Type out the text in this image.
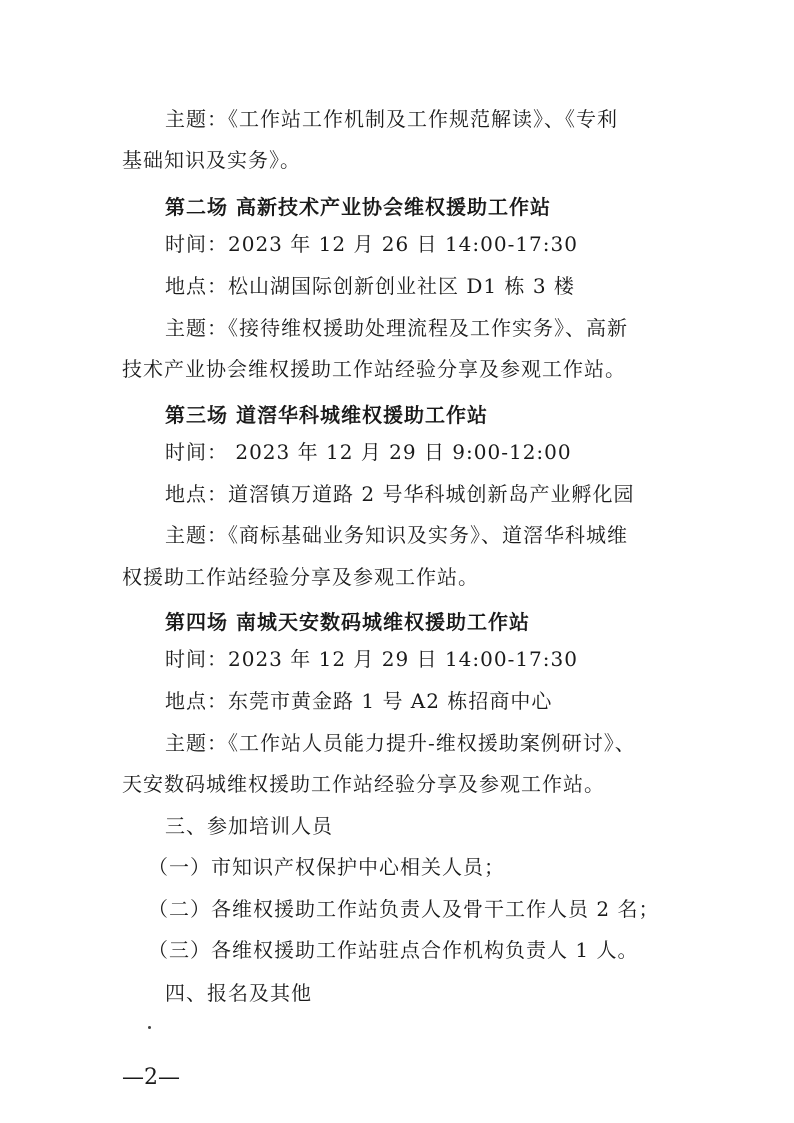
主题：《工作站工作机制及工作规范解读》、《专利
基础知识及实务》。
第二场 高新技术产业协会维权援助工作站
时间：2023 年 12 月 26 日 14:00-17:30
地点：松山湖国际创新创业社区 D1 栋 3 楼
主题：《接待维权援助处理流程及工作实务》、高新
技术产业协会维权援助工作站经验分享及参观工作站。
第三场 道滘华科城维权援助工作站
时间： 2023 年 12 月 29 日 9:00-12:00
地点：道滘镇万道路 2 号华科城创新岛产业孵化园
主题：《商标基础业务知识及实务》、道滘华科城维
权援助工作站经验分享及参观工作站。
第四场 南城天安数码城维权援助工作站
时间：2023 年 12 月 29 日 14:00-17:30
地点：东莞市黄金路 1 号 A2 栋招商中心
主题：《工作站人员能力提升-维权援助案例研讨》、
天安数码城维权援助工作站经验分享及参观工作站。
三、参加培训人员
（一）市知识产权保护中心相关人员；
（二）各维权援助工作站负责人及骨干工作人员 2 名；
（三）各维权援助工作站驻点合作机构负责人 1 人。
四、报名及其他
—2—
